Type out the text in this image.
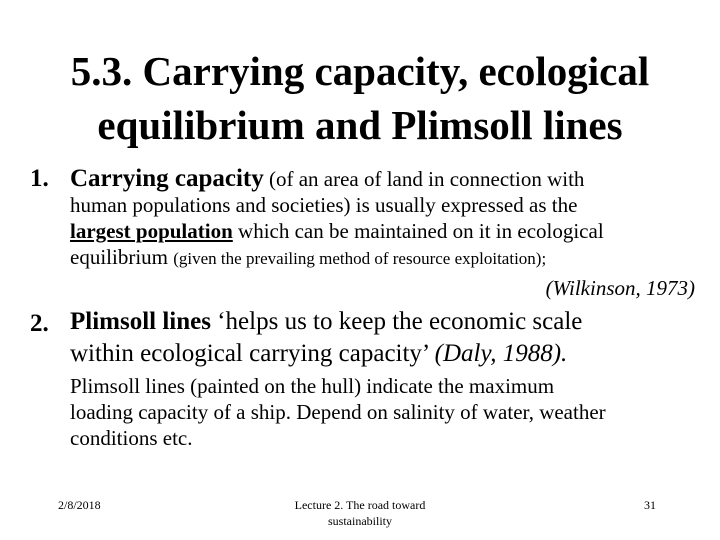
5.3. Carrying capacity, ecological
equilibrium and Plimsoll lines
1. Carrying capacity (of an area of land in connection with
human populations and societies) is usually expressed as the
largest population which can be maintained on it in ecological
equilibrium (given the prevailing method of resource exploitation);
(Wilkinson, 1973)
2. Plimsoll lines ‘helps us to keep the economic scale
within ecological carrying capacity’ (Daly, 1988).
Plimsoll lines (painted on the hull) indicate the maximum
loading capacity of a ship. Depend on salinity of water, weather
conditions etc.
2/8/2018	Lecture 2. The road toward
sustainability
31
